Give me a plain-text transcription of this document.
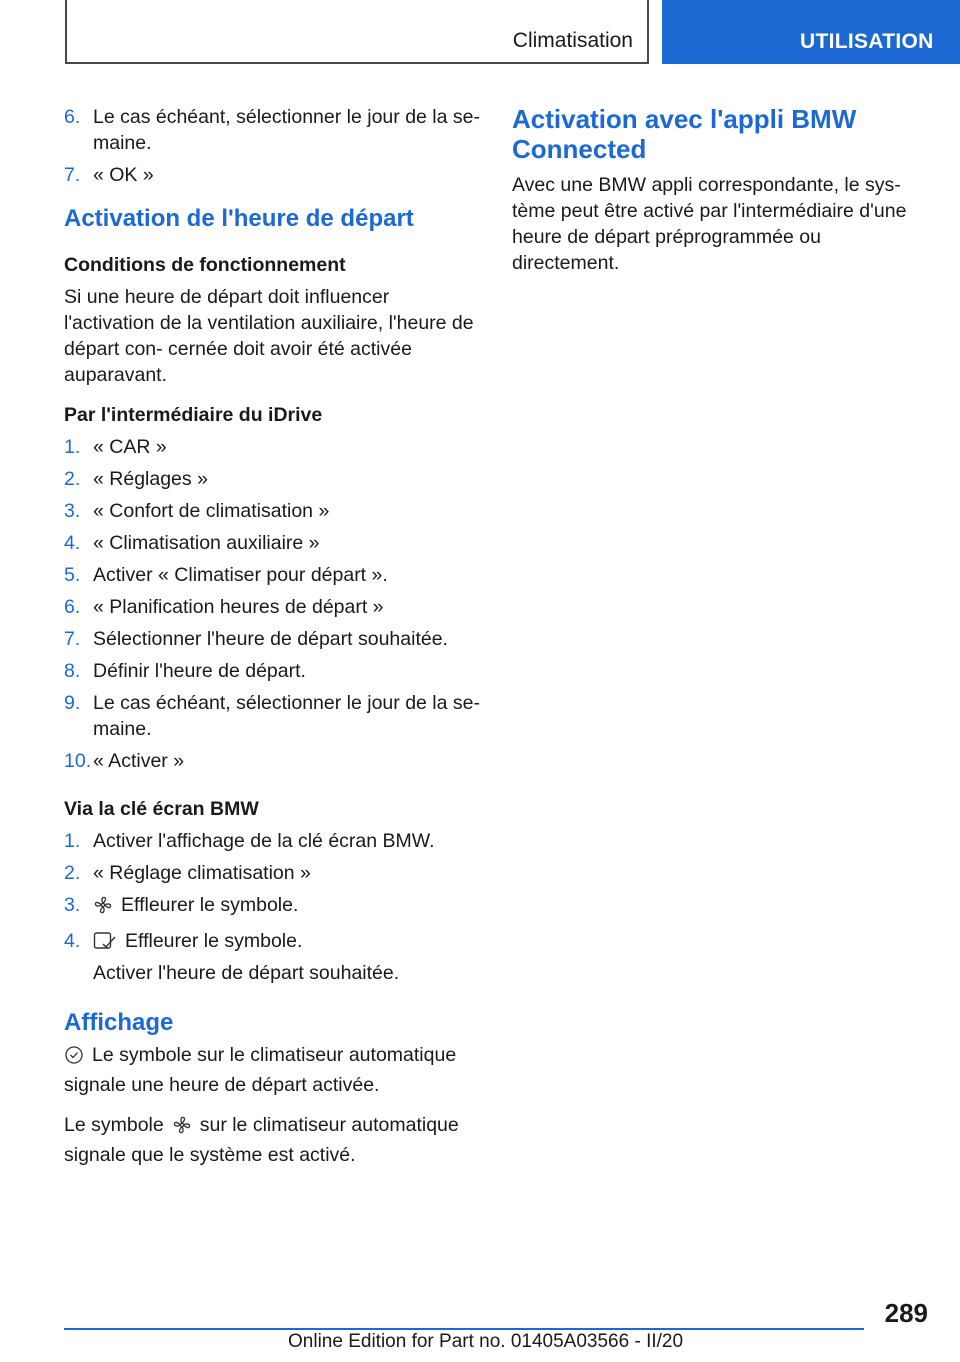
Climatisation	UTILISATION
6. Le cas échéant, sélectionner le jour de la se‐ maine.
7. « OK »
Activation de l'heure de départ
Conditions de fonctionnement
Si une heure de départ doit influencer l'activation de la ventilation auxiliaire, l'heure de départ con‐ cernée doit avoir été activée auparavant.
Par l'intermédiaire du iDrive
1. « CAR »
2. « Réglages »
3. « Confort de climatisation »
4. « Climatisation auxiliaire »
5. Activer « Climatiser pour départ ».
6. « Planification heures de départ »
7. Sélectionner l'heure de départ souhaitée.
8. Définir l'heure de départ.
9. Le cas échéant, sélectionner le jour de la se‐ maine.
10. « Activer »
Via la clé écran BMW
1. Activer l'affichage de la clé écran BMW.
2. « Réglage climatisation »
3. Effleurer le symbole.
4. Effleurer le symbole.
Activer l'heure de départ souhaitée.
Affichage
Le symbole sur le climatiseur automatique signale une heure de départ activée.
Le symbole sur le climatiseur automatique signale que le système est activé.
Activation avec l'appli BMW Connected
Avec une BMW appli correspondante, le sys‐ tème peut être activé par l'intermédiaire d'une heure de départ préprogrammée ou directement.
289
Online Edition for Part no. 01405A03566 - II/20
